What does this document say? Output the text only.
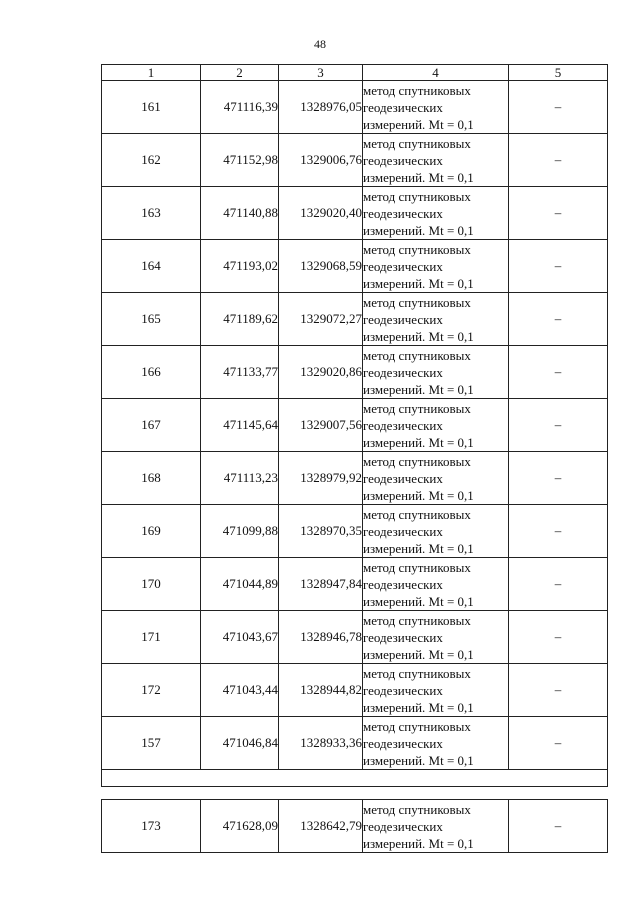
48
1	2	3	4	5
161	471116,39	1328976,05	метод спутниковых
геодезических
измерений. Mt = 0,1	–
162	471152,98	1329006,76	метод спутниковых
геодезических
измерений. Mt = 0,1	–
163	471140,88	1329020,40	метод спутниковых
геодезических
измерений. Mt = 0,1	–
164	471193,02	1329068,59	метод спутниковых
геодезических
измерений. Mt = 0,1	–
165	471189,62	1329072,27	метод спутниковых
геодезических
измерений. Mt = 0,1	–
166	471133,77	1329020,86	метод спутниковых
геодезических
измерений. Mt = 0,1	–
167	471145,64	1329007,56	метод спутниковых
геодезических
измерений. Mt = 0,1	–
168	471113,23	1328979,92	метод спутниковых
геодезических
измерений. Mt = 0,1	–
169	471099,88	1328970,35	метод спутниковых
геодезических
измерений. Mt = 0,1	–
170	471044,89	1328947,84	метод спутниковых
геодезических
измерений. Mt = 0,1	–
171	471043,67	1328946,78	метод спутниковых
геодезических
измерений. Mt = 0,1	–
172	471043,44	1328944,82	метод спутниковых
геодезических
измерений. Mt = 0,1	–
157	471046,84	1328933,36	метод спутниковых
геодезических
измерений. Mt = 0,1	–

173	471628,09	1328642,79	метод спутниковых
геодезических
измерений. Mt = 0,1	–
